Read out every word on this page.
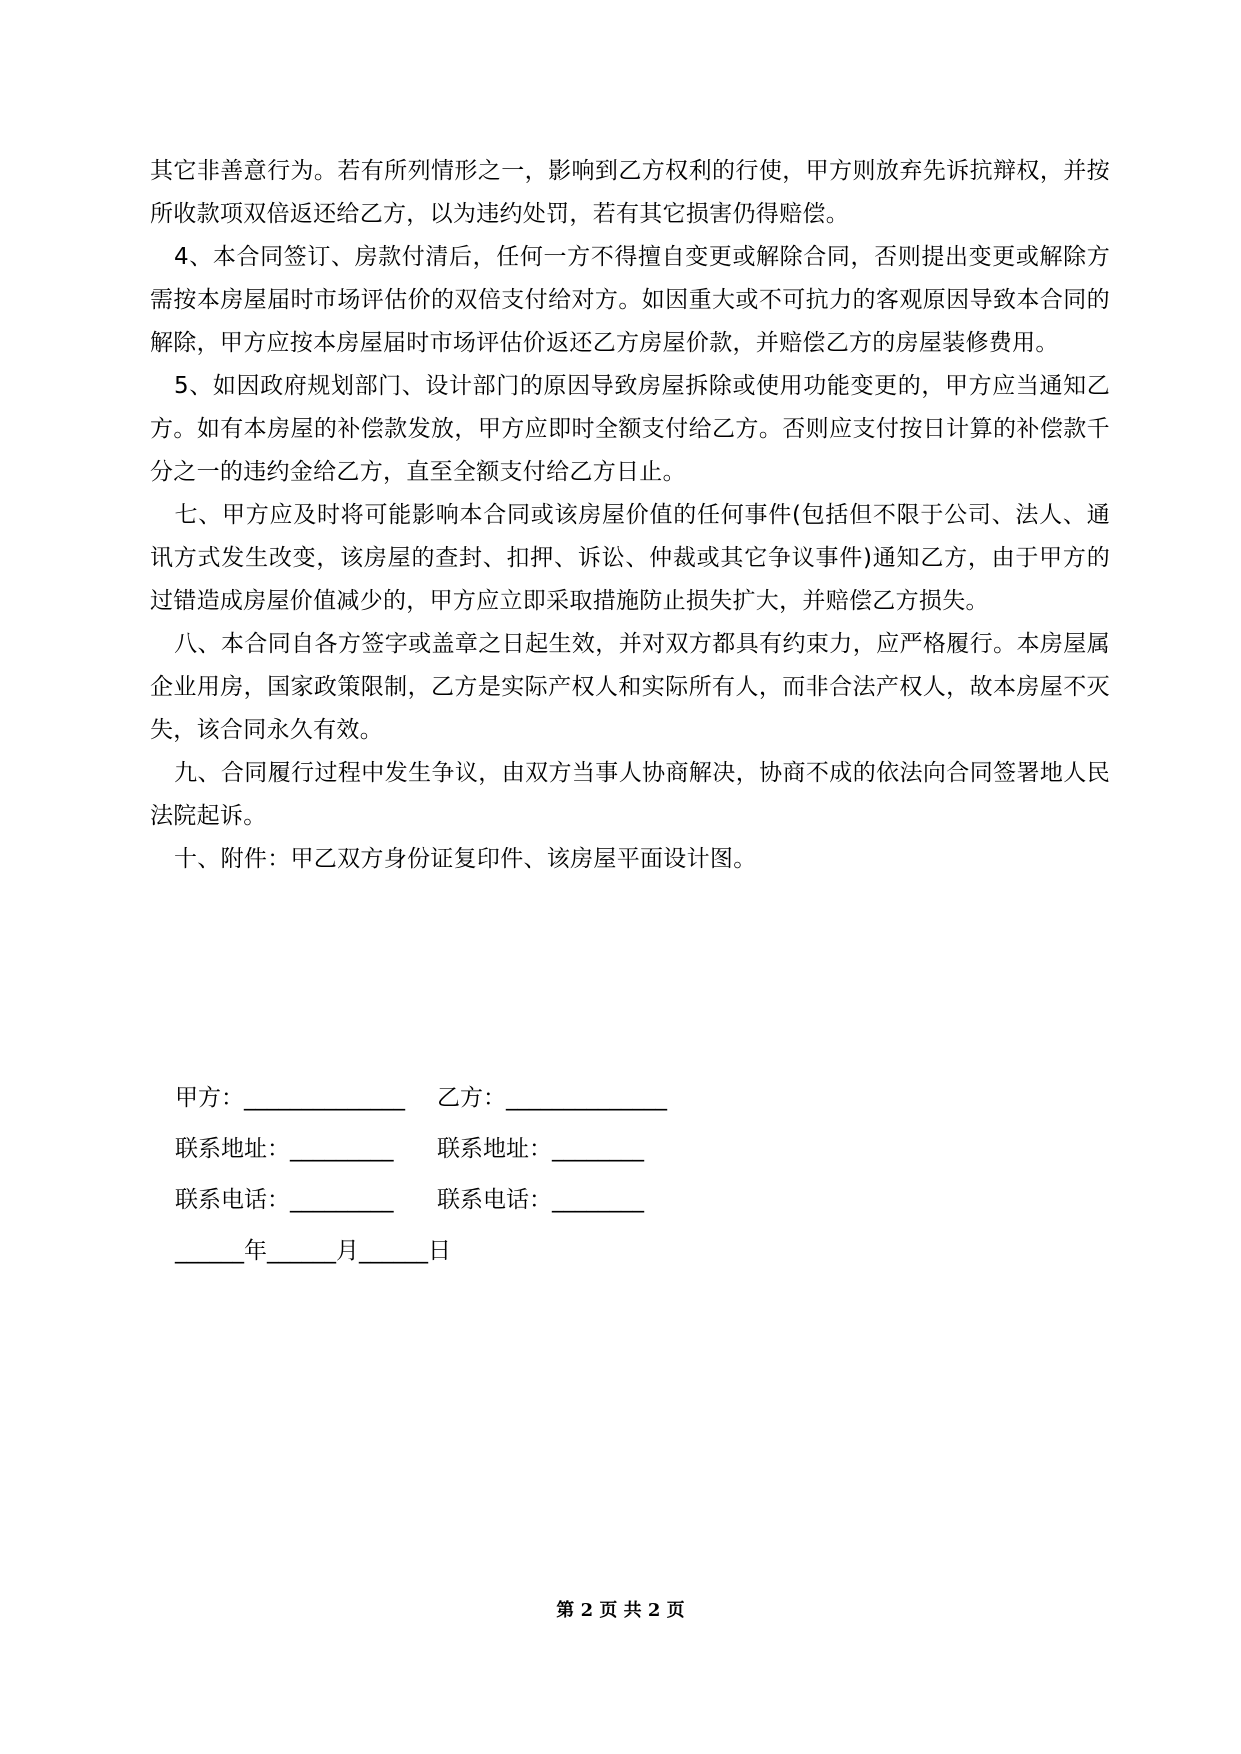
其它非善意行为。若有所列情形之一，影响到乙方权利的行使，甲方则放弃先诉抗辩权，并按所收款项双倍返还给乙方，以为违约处罚，若有其它损害仍得赔偿。

4、本合同签订、房款付清后，任何一方不得擅自变更或解除合同，否则提出变更或解除方需按本房屋届时市场评估价的双倍支付给对方。如因重大或不可抗力的客观原因导致本合同的解除，甲方应按本房屋届时市场评估价返还乙方房屋价款，并赔偿乙方的房屋装修费用。

5、如因政府规划部门、设计部门的原因导致房屋拆除或使用功能变更的，甲方应当通知乙方。如有本房屋的补偿款发放，甲方应即时全额支付给乙方。否则应支付按日计算的补偿款千分之一的违约金给乙方，直至全额支付给乙方日止。

七、甲方应及时将可能影响本合同或该房屋价值的任何事件(包括但不限于公司、法人、通讯方式发生改变，该房屋的查封、扣押、诉讼、仲裁或其它争议事件)通知乙方，由于甲方的过错造成房屋价值减少的，甲方应立即采取措施防止损失扩大，并赔偿乙方损失。

八、本合同自各方签字或盖章之日起生效，并对双方都具有约束力，应严格履行。本房屋属企业用房，国家政策限制，乙方是实际产权人和实际所有人，而非合法产权人，故本房屋不灭失，该合同永久有效。

九、合同履行过程中发生争议，由双方当事人协商解决，协商不成的依法向合同签署地人民法院起诉。

十、附件：甲乙双方身份证复印件、该房屋平面设计图。

甲方：______________ 乙方：______________
联系地址：_________ 联系地址：________
联系电话：_________ 联系电话：________
______年______月______日
第 2 页 共 2 页
